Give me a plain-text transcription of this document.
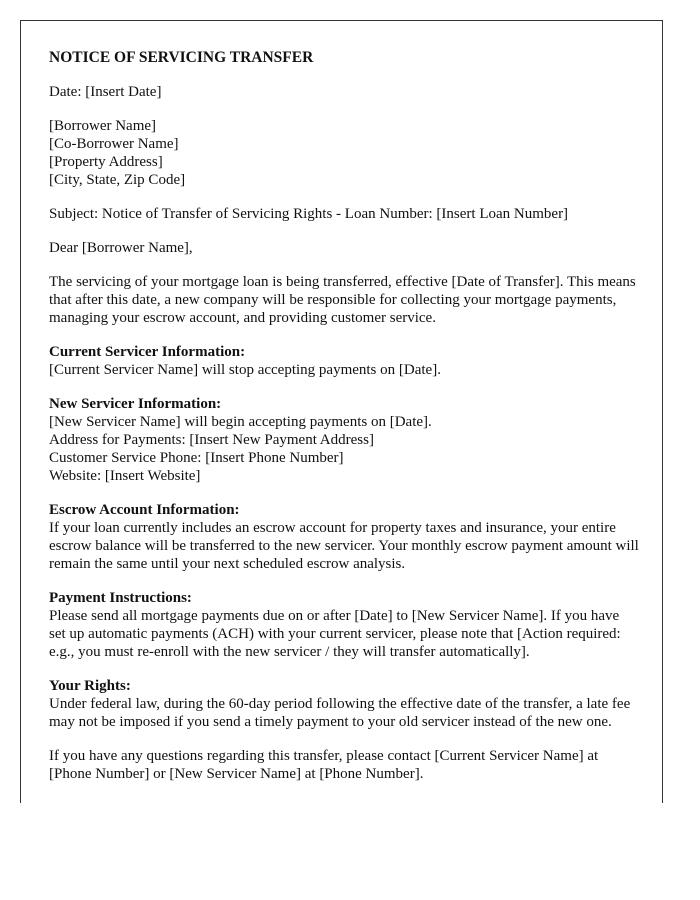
NOTICE OF SERVICING TRANSFER

Date: [Insert Date]

[Borrower Name]
[Co-Borrower Name]
[Property Address]
[City, State, Zip Code]

Subject: Notice of Transfer of Servicing Rights - Loan Number: [Insert Loan Number]

Dear [Borrower Name],

The servicing of your mortgage loan is being transferred, effective [Date of Transfer]. This means that after this date, a new company will be responsible for collecting your mortgage payments, managing your escrow account, and providing customer service.

Current Servicer Information:
[Current Servicer Name] will stop accepting payments on [Date].

New Servicer Information:
[New Servicer Name] will begin accepting payments on [Date].
Address for Payments: [Insert New Payment Address]
Customer Service Phone: [Insert Phone Number]
Website: [Insert Website]

Escrow Account Information:
If your loan currently includes an escrow account for property taxes and insurance, your entire escrow balance will be transferred to the new servicer. Your monthly escrow payment amount will remain the same until your next scheduled escrow analysis.

Payment Instructions:
Please send all mortgage payments due on or after [Date] to [New Servicer Name]. If you have set up automatic payments (ACH) with your current servicer, please note that [Action required: e.g., you must re-enroll with the new servicer / they will transfer automatically].

Your Rights:
Under federal law, during the 60-day period following the effective date of the transfer, a late fee may not be imposed if you send a timely payment to your old servicer instead of the new one.

If you have any questions regarding this transfer, please contact [Current Servicer Name] at [Phone Number] or [New Servicer Name] at [Phone Number].
